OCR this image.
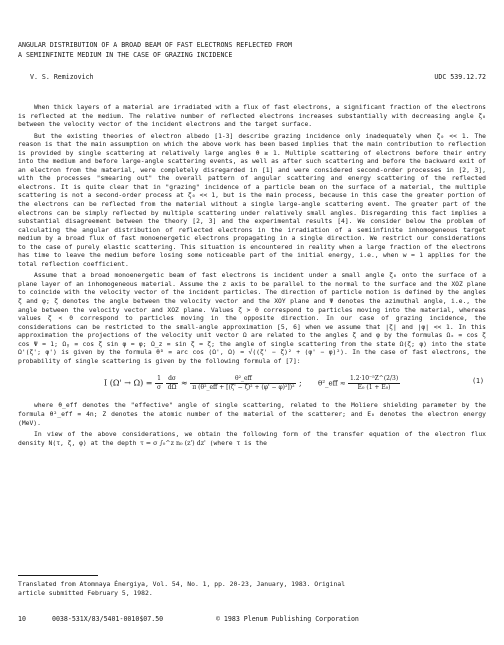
ANGULAR DISTRIBUTION OF A BROAD BEAM OF FAST ELECTRONS REFLECTED FROM
A SEMIINFINITE MEDIUM IN THE CASE OF GRAZING INCIDENCE
V. S. Remizovich	UDC 539.12.72

When thick layers of a material are irradiated with a flux of fast electrons, a significant fraction of the electrons is reflected at the medium. The relative number of reflected electrons increases substantially with decreasing angle ζ₀ between the velocity vector of the incident electrons and the target surface.

But the existing theories of electron albedo [1-3] describe grazing incidence only inadequately when ζ₀ << 1. The reason is that the main assumption on which the above work has been based implies that the main contribution to reflection is provided by single scattering at relatively large angles θ ≥ 1. Multiple scattering of electrons before their entry into the medium and before large-angle scattering events, as well as after such scattering and before the backward exit of an electron from the material, were completely disregarded in [1] and were considered second-order processes in [2, 3], with the processes "smearing out" the overall pattern of angular scattering and energy scattering of the reflected electrons. It is quite clear that in "grazing" incidence of a particle beam on the surface of a material, the multiple scattering is not a second-order process at ζ₀ << 1, but is the main process, because in this case the greater portion of the electrons can be reflected from the material without a single large-angle scattering event. The greater part of the electrons can be simply reflected by multiple scattering under relatively small angles. Disregarding this fact implies a substantial disagreement between the theory [2, 3] and the experimental results [4]. We consider below the problem of calculating the angular distribution of reflected electrons in the irradiation of a semiinfinite inhomogeneous target medium by a broad flux of fast monoenergetic electrons propagating in a single direction. We restrict our considerations to the case of purely elastic scattering. This situation is encountered in reality when a large fraction of the electrons has time to leave the medium before losing some noticeable part of the initial energy, i.e., when w ≈ 1 applies for the total reflection coefficient.

Assume that a broad monoenergetic beam of fast electrons is incident under a small angle ζ₀ onto the surface of a plane layer of an inhomogeneous material. Assume the z axis to be parallel to the normal to the surface and the XOZ plane to coincide with the velocity vector of the incident particles. The direction of particle motion is defined by the angles ζ and φ; ζ denotes the angle between the velocity vector and the XOY plane and Ψ denotes the azimuthal angle, i.e., the angle between the velocity vector and XOZ plane. Values ζ > 0 correspond to particles moving into the material, whereas values ζ < 0 correspond to particles moving in the opposite direction. In our case of grazing incidence, the considerations can be restricted to the small-angle approximation [5, 6] when we assume that |ζ| and |φ| << 1. In this approximation the projections of the velocity unit vector Ω are related to the angles ζ and φ by the formulas Ωₓ = cos ζ cos Ψ ≈ 1; Ωᵧ = cos ζ sin φ ≈ φ; Ω_z = sin ζ ≈ ζ; the angle of single scattering from the state Ω(ζ; φ) into the state Ω'(ζ'; φ') is given by the formula θᴰ = arc cos (Ω', Ω) ≈ √((ζ' − ζ)² + (φ' − φ)²). In the case of fast electrons, the probability of single scattering is given by the following formula of [7]:

I $(\Omega' \to \Omega) = \frac{1}{\sigma}$
$\frac{d\sigma}{d\Omega} \approx \frac{\text{θ²\_eff}}{\text{π (θ²\_eff + [(ζ' − ζ)² + (φ' − φ)²])²}}$ ; θ²_eff ≈ $\frac{\text{1.2·10⁻⁵Z\textasciicircum{}(2/3)}}{\text{E₀ (1 + E₀)}}$	(1)

where θ_eff denotes the "effective" angle of single scattering, related to the Moliere shielding parameter by the formula θ²_eff = 4n; Z denotes the atomic number of the material of the scatterer; and E₀ denotes the electron energy (MeV).

In view of the above considerations, we obtain the following form of the transfer equation of the electron flux density N(τ, ζ, φ) at the depth τ = σ ∫₀^z n₀ (z') dz' (where τ is the

Translated from Atomnaya Énergiya, Vol. 54, No. 1, pp. 20-23, January, 1983. Original
article submitted February 5, 1982.
10	0038-531X/83/5401-0010$07.50	© 1983 Plenum Publishing Corporation
